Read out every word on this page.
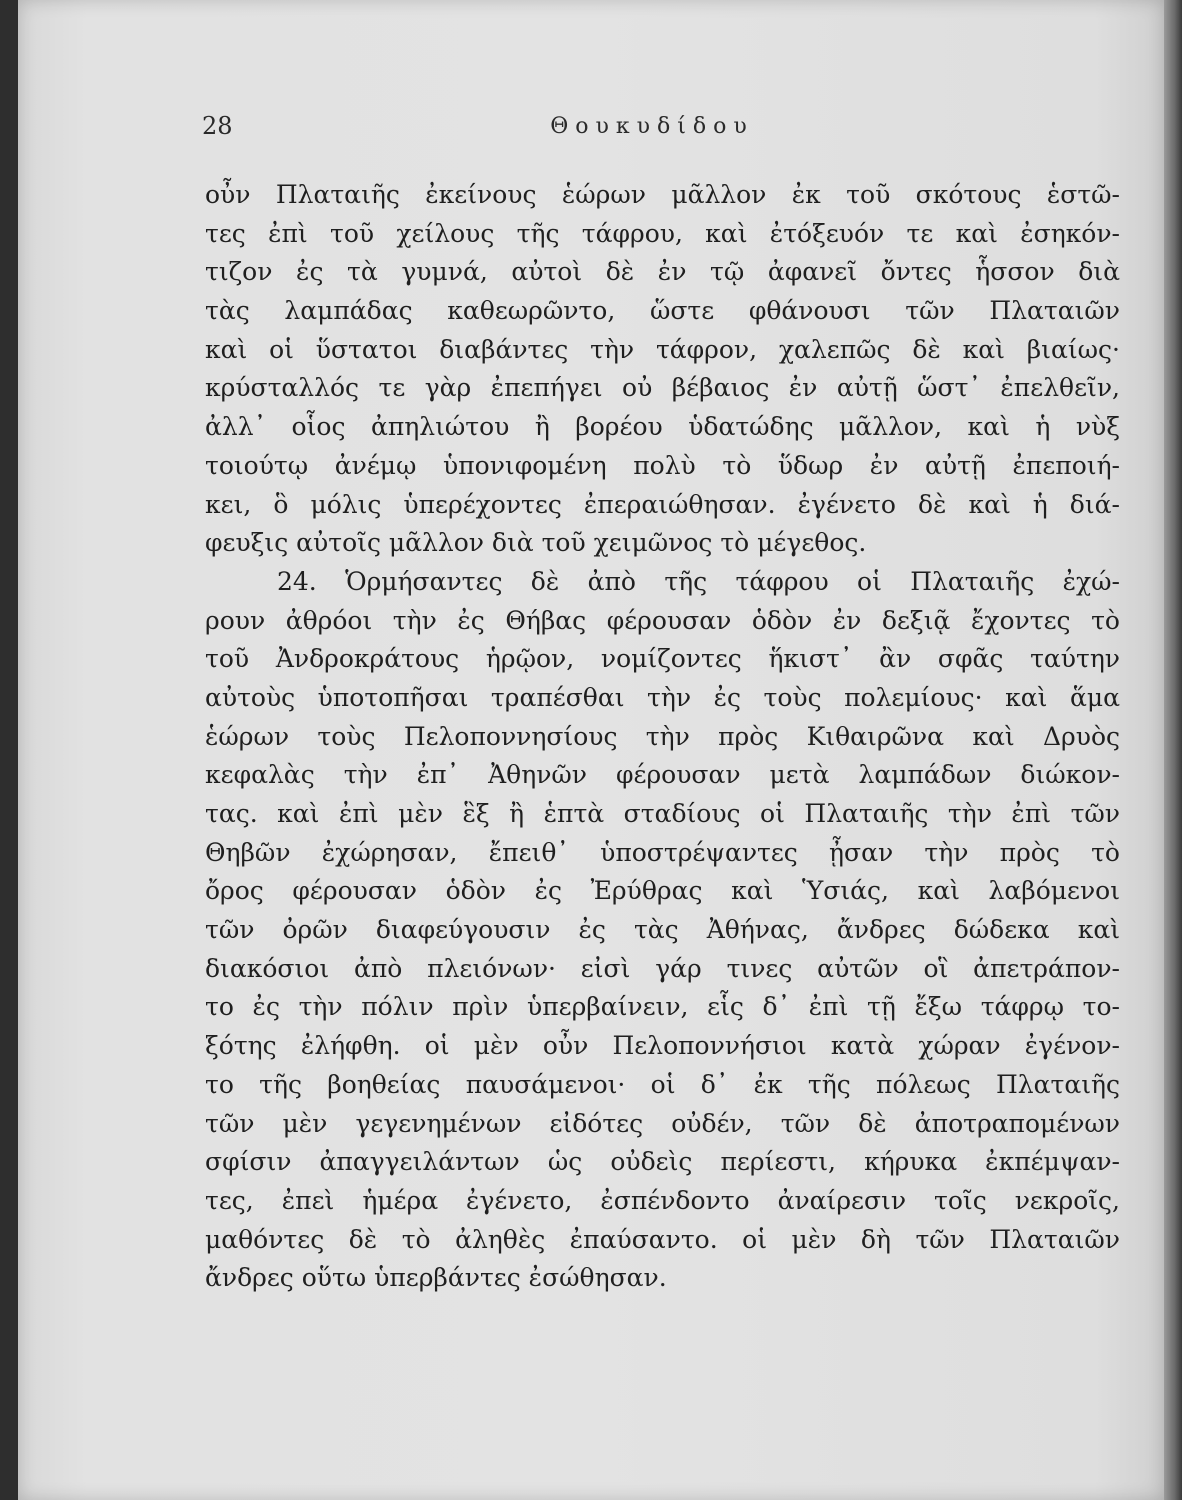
28	Θουκυδίδου
οὖν Πλαταιῆς ἐκείνους ἑώρων μᾶλλον ἐκ τοῦ σκότους ἑστῶ-
τες ἐπὶ τοῦ χείλους τῆς τάφρου, καὶ ἐτόξευόν τε καὶ ἐσηκόν-
τιζον ἐς τὰ γυμνά, αὐτοὶ δὲ ἐν τῷ ἀφανεῖ ὄντες ἧσσον διὰ
τὰς λαμπάδας καθεωρῶντο, ὥστε φθάνουσι τῶν Πλαταιῶν
καὶ οἱ ὕστατοι διαβάντες τὴν τάφρον, χαλεπῶς δὲ καὶ βιαίως·
κρύσταλλός τε γὰρ ἐπεπήγει οὐ βέβαιος ἐν αὐτῇ ὥστ᾽ ἐπελθεῖν,
ἀλλ᾽ οἷος ἀπηλιώτου ἢ βορέου ὑδατώδης μᾶλλον, καὶ ἡ νὺξ
τοιούτῳ ἀνέμῳ ὑπονιφομένη πολὺ τὸ ὕδωρ ἐν αὐτῇ ἐπεποιή-
κει, ὃ μόλις ὑπερέχοντες ἐπεραιώθησαν. ἐγένετο δὲ καὶ ἡ διά-
φευξις αὐτοῖς μᾶλλον διὰ τοῦ χειμῶνος τὸ μέγεθος.
24. Ὁρμήσαντες δὲ ἀπὸ τῆς τάφρου οἱ Πλαταιῆς ἐχώ-
ρουν ἀθρόοι τὴν ἐς Θήβας φέρουσαν ὁδὸν ἐν δεξιᾷ ἔχοντες τὸ
τοῦ Ἀνδροκράτους ἡρῷον, νομίζοντες ἥκιστ᾽ ἂν σφᾶς ταύτην
αὐτοὺς ὑποτοπῆσαι τραπέσθαι τὴν ἐς τοὺς πολεμίους· καὶ ἅμα
ἑώρων τοὺς Πελοποννησίους τὴν πρὸς Κιθαιρῶνα καὶ Δρυὸς
κεφαλὰς τὴν ἐπ᾽ Ἀθηνῶν φέρουσαν μετὰ λαμπάδων διώκον-
τας. καὶ ἐπὶ μὲν ἓξ ἢ ἑπτὰ σταδίους οἱ Πλαταιῆς τὴν ἐπὶ τῶν
Θηβῶν ἐχώρησαν, ἔπειθ᾽ ὑποστρέψαντες ᾖσαν τὴν πρὸς τὸ
ὄρος φέρουσαν ὁδὸν ἐς Ἐρύθρας καὶ Ὑσιάς, καὶ λαβόμενοι
τῶν ὀρῶν διαφεύγουσιν ἐς τὰς Ἀθήνας, ἄνδρες δώδεκα καὶ
διακόσιοι ἀπὸ πλειόνων· εἰσὶ γάρ τινες αὐτῶν οἳ ἀπετράπον-
το ἐς τὴν πόλιν πρὶν ὑπερβαίνειν, εἷς δ᾽ ἐπὶ τῇ ἔξω τάφρῳ το-
ξότης ἐλήφθη. οἱ μὲν οὖν Πελοποννήσιοι κατὰ χώραν ἐγένον-
το τῆς βοηθείας παυσάμενοι· οἱ δ᾽ ἐκ τῆς πόλεως Πλαταιῆς
τῶν μὲν γεγενημένων εἰδότες οὐδέν, τῶν δὲ ἀποτραπομένων
σφίσιν ἀπαγγειλάντων ὡς οὐδεὶς περίεστι, κήρυκα ἐκπέμψαν-
τες, ἐπεὶ ἡμέρα ἐγένετο, ἐσπένδοντο ἀναίρεσιν τοῖς νεκροῖς,
μαθόντες δὲ τὸ ἀληθὲς ἐπαύσαντο. οἱ μὲν δὴ τῶν Πλαταιῶν
ἄνδρες οὕτω ὑπερβάντες ἐσώθησαν.
